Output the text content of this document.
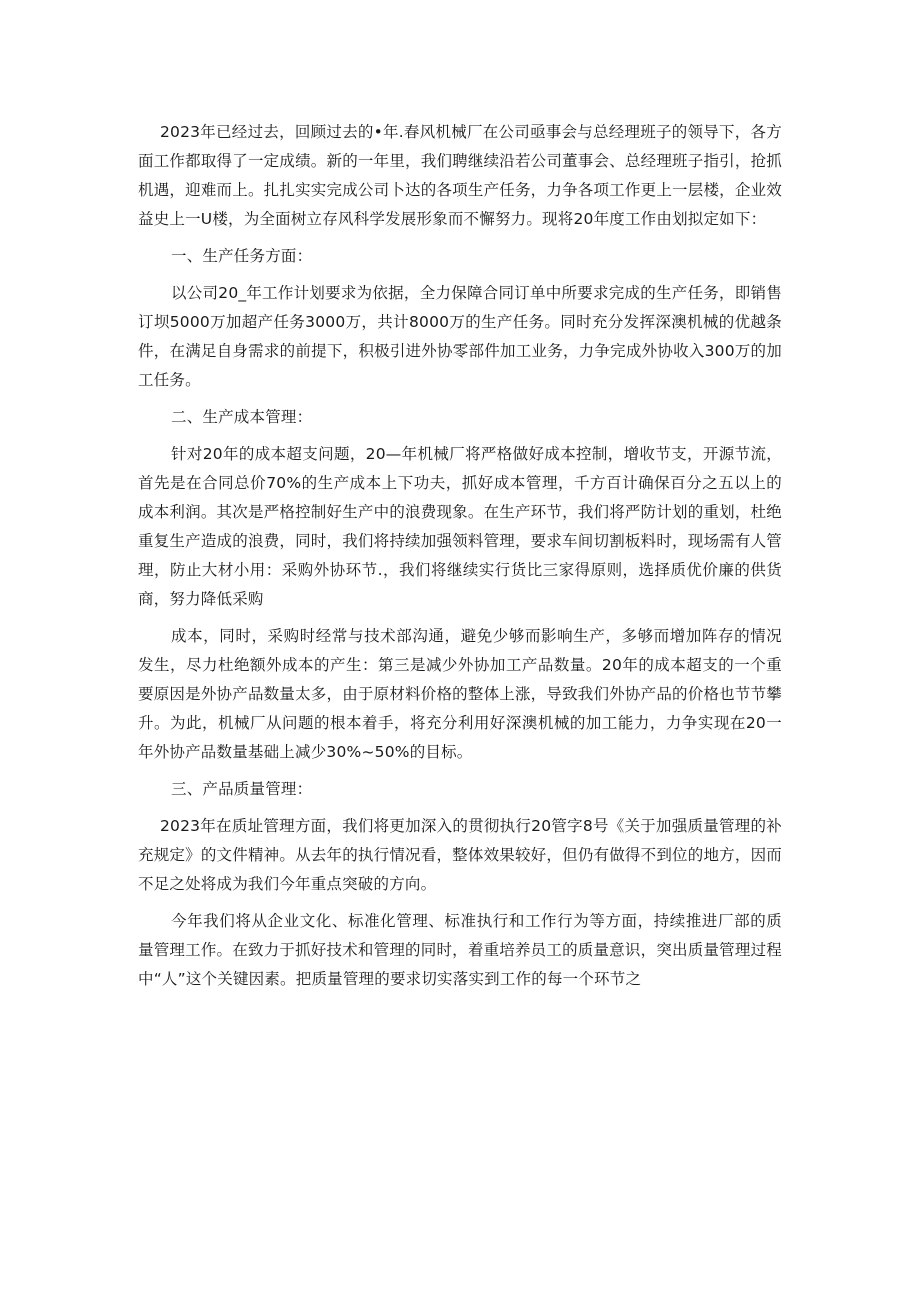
2023年已经过去，回顾过去的•年.春风机械厂在公司亟事会与总经理班子的领导下，各方面工作都取得了一定成绩。新的一年里，我们聘继续沿若公司董事会、总经理班子指引，抢抓机遇，迎难而上。扎扎实实完成公司卜达的各项生产任务，力争各项工作更上一层楼，企业效益史上一U楼，为全面树立存风科学发展形象而不懈努力。现将20年度工作由划拟定如下：

一、生产任务方面：

以公司20_年工作计划要求为依据，全力保障合同订单中所要求完成的生产任务，即销售订坝5000万加超产任务3000万，共计8000万的生产任务。同时充分发挥深澳机械的优越条件，在满足自身需求的前提下，积极引进外协零部件加工业务，力争完成外协收入300万的加工任务。

二、生产成本管理：

针对20年的成本超支问题，20—年机械厂将严格做好成本控制，增收节支，开源节流，首先是在合同总价70%的生产成本上下功夫，抓好成本管理，千方百计确保百分之五以上的成本利润。其次是严格控制好生产中的浪费现象。在生产环节，我们将严防计划的重划，杜绝重复生产造成的浪费，同时，我们将持续加强领料管理，要求车间切割板料时，现场需有人管理，防止大材小用：采购外协环节.，我们将继续实行货比三家得原则，选择质优价廉的供货商，努力降低采购

成本，同时，采购时经常与技术部沟通，避免少够而影响生产，多够而增加阵存的情况发生，尽力杜绝额外成本的产生：第三是减少外协加工产品数量。20年的成本超支的一个重要原因是外协产品数量太多，由于原材料价格的整体上涨，导致我们外协产品的价格也节节攀升。为此，机械厂从问题的根本着手，将充分利用好深澳机械的加工能力，力争实现在20一年外协产品数量基础上减少30%~50%的目标。

三、产品质量管理：

2023年在质址管理方面，我们将更加深入的贯彻执行20管字8号《关于加强质量管理的补充规定》的文件精神。从去年的执行情况看，整体效果较好，但仍有做得不到位的地方，因而不足之处将成为我们今年重点突破的方向。

今年我们将从企业文化、标准化管理、标准执行和工作行为等方面，持续推进厂部的质量管理工作。在致力于抓好技术和管理的同时，着重培养员工的质量意识，突出质量管理过程中“人”这个关键因素。把质量管理的要求切实落实到工作的每一个环节之
